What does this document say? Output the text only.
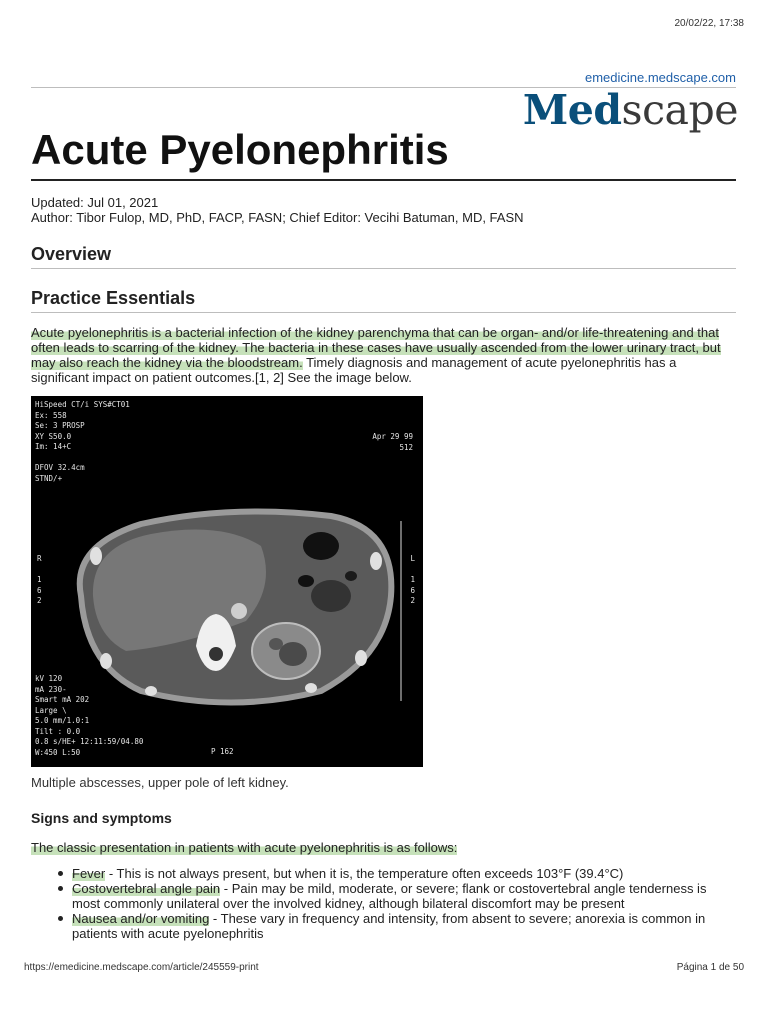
20/02/22, 17:38
emedicine.medscape.com
Medscape
Acute Pyelonephritis
Updated: Jul 01, 2021
Author: Tibor Fulop, MD, PhD, FACP, FASN; Chief Editor: Vecihi Batuman, MD, FASN
Overview
Practice Essentials

Acute pyelonephritis is a bacterial infection of the kidney parenchyma that can be organ- and/or life-threatening and that often leads to scarring of the kidney. The bacteria in these cases have usually ascended from the lower urinary tract, but may also reach the kidney via the bloodstream. Timely diagnosis and management of acute pyelonephritis has a significant impact on patient outcomes.[1, 2] See the image below.

HiSpeed CT/i SYS#CT01
Ex: 558
Se: 3 PROSP
XY S50.0
Im: 14+C

DFOV 32.4cm
STND/+
Apr 29 99
512
R

1
6
2
L

1
6
2
kV 120
mA 230-
Smart mA 202
Large \
5.0 mm/1.0:1
Tilt : 0.0
0.8 s/HE+ 12:11:59/04.80
W:450 L:50	P 162
Multiple abscesses, upper pole of left kidney.
Signs and symptoms

The classic presentation in patients with acute pyelonephritis is as follows:

Fever - This is not always present, but when it is, the temperature often exceeds 103°F (39.4°C)
Costovertebral angle pain - Pain may be mild, moderate, or severe; flank or costovertebral angle tenderness is most commonly unilateral over the involved kidney, although bilateral discomfort may be present
Nausea and/or vomiting - These vary in frequency and intensity, from absent to severe; anorexia is common in patients with acute pyelonephritis
https://emedicine.medscape.com/article/245559-print	Página 1 de 50
